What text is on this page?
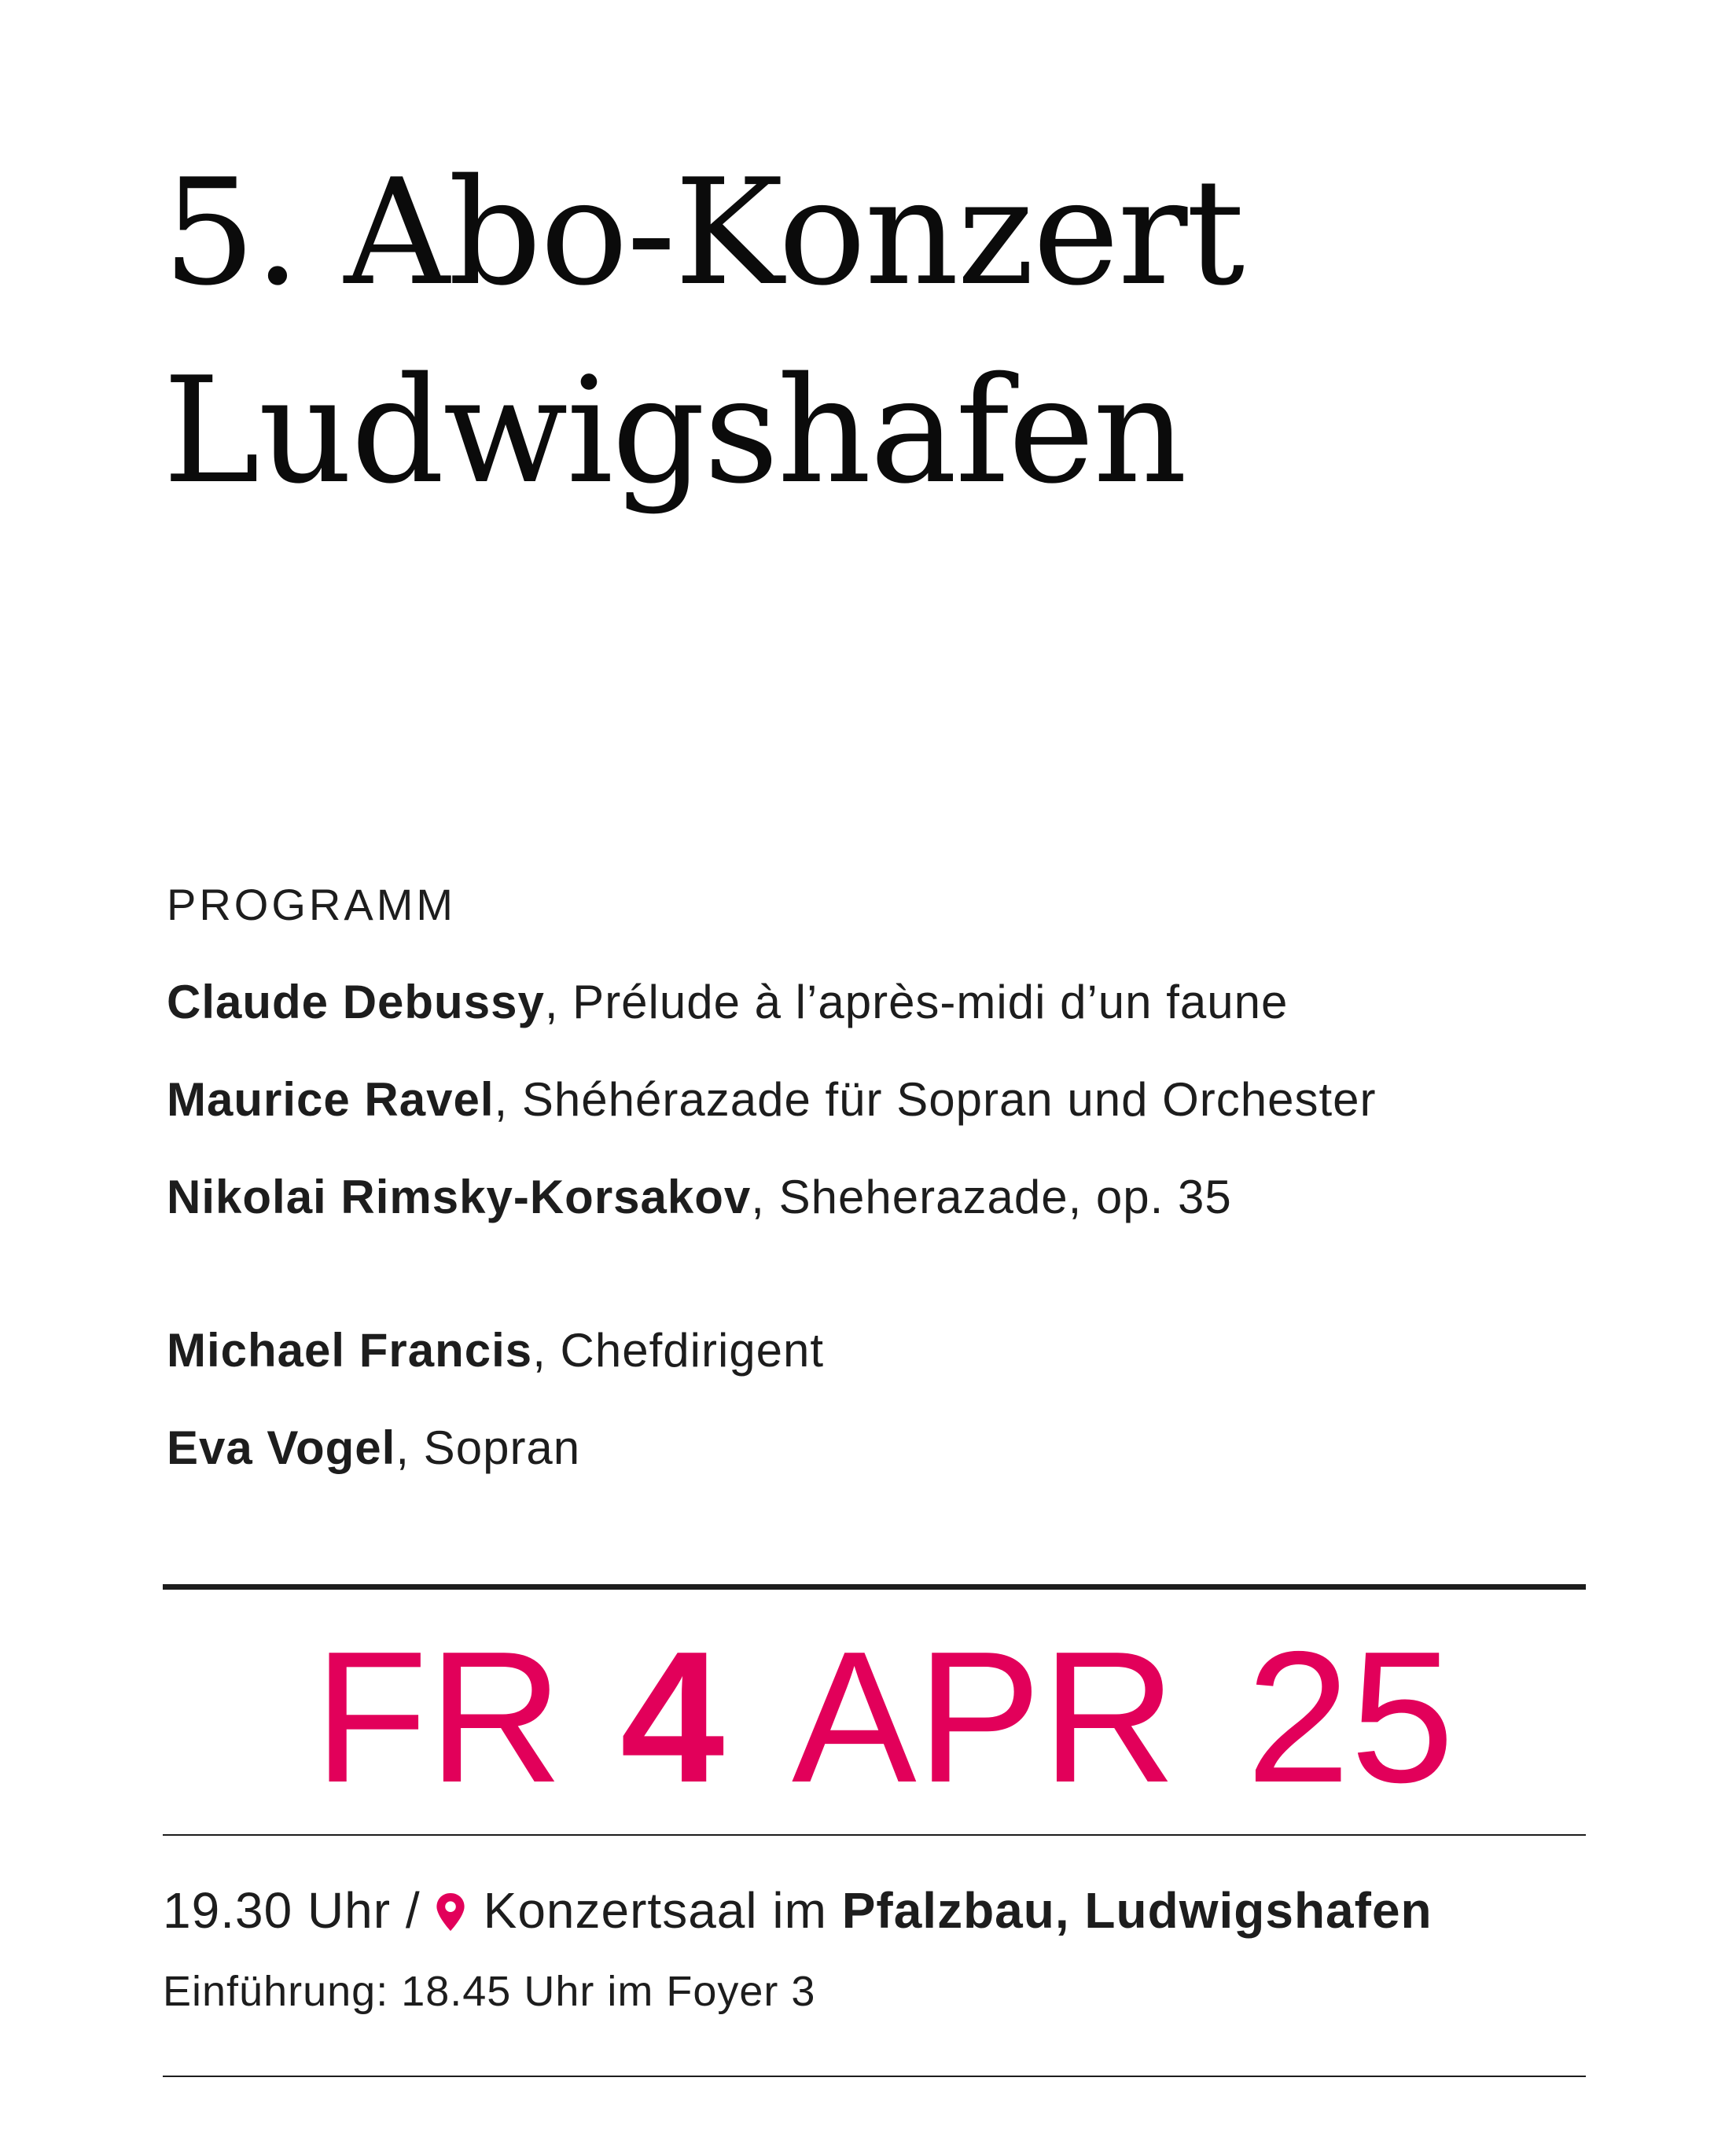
5. Abo-Konzert
Ludwigshafen
PROGRAMM
Claude Debussy, Prélude à l’après-midi d’un faune
Maurice Ravel, Shéhérazade für Sopran und Orchester
Nikolai Rimsky-Korsakov, Sheherazade, op. 35
Michael Francis, Chefdirigent
Eva Vogel, Sopran
FR 4 APR 25
19.30 Uhr / Konzertsaal im Pfalzbau, Ludwigshafen
Einführung: 18.45 Uhr im Foyer 3
